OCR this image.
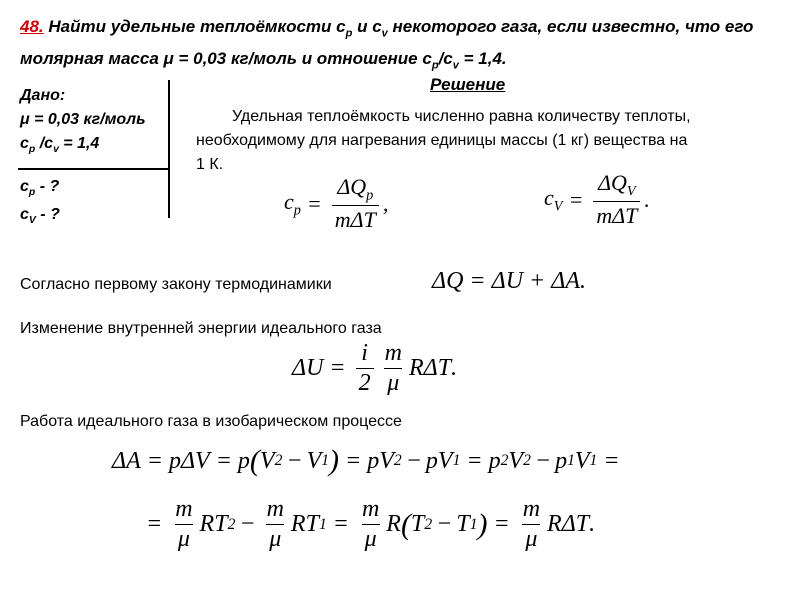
48. Найти удельные теплоёмкости $c_p$ и $c_v$ некоторого газа, если известно, что его
молярная масса μ = 0,03 кг/моль и отношение $c_p/c_v = 1,4$.
Дано:
μ = 0,03 кг/моль
$c_p$ $/c_v = 1,4$
$c_p$ - ?
$c_V$ - ?
Решение
Удельная теплоёмкость численно равна количеству теплоты,
необходимому для нагревания единицы массы (1 кг) вещества на
1 К.
$c_p = \frac{\Delta Q_p}{\text{mΔT}}$ ,	$c_V = \frac{\Delta Q_V}{\text{mΔT}}$ .
Согласно первому закону термодинамики	ΔQ = ΔU + ΔA .
Изменение внутренней энергии идеального газа
$\Delta U = \frac{i}{2} \frac{m}{\mu}$ R ΔT .
Работа идеального газа в изобарическом процессе
ΔA = pΔV = p ( V 2 − V 1 ) = p V 2 − p V 1 = p 2 V 2 − p 1 V 1 =
= $\frac{m}{\mu}$ R T $2 - \frac{m}{\mu}$ R T $1 = \frac{m}{\mu}$ R ( T 2 − T 1 ) = $\frac{m}{\mu}$ R ΔT .
